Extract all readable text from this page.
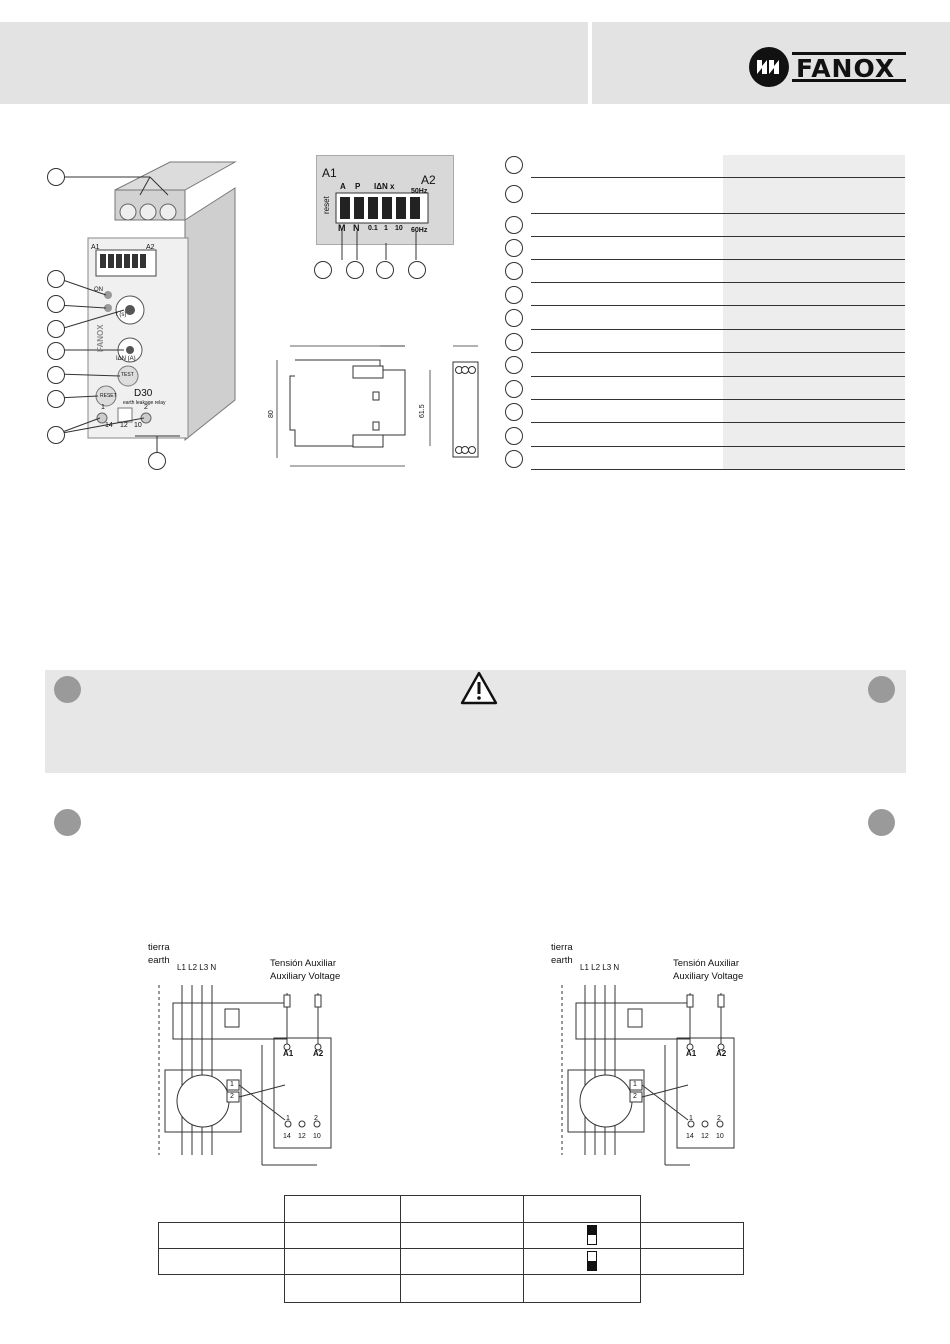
FANOX
A1	A2
ON
t (s)
IΔN (A)
TEST
RESET D30
earth leakage relay
FANOX
14 12 10
1	2
A1	A2
A P IΔN x
50Hz
M N 0.1 1 10 60Hz
reset
80	61.5
tierra
earth
L1 L2 L3 N	Tensión Auxiliar
Auxiliary Voltage
A1 A2
1
2
1	2
14 12 10
tierra
earth
L1 L2 L3 N	Tensión Auxiliar
Auxiliary Voltage
A1 A2
1
2
1	2
14 12 10
